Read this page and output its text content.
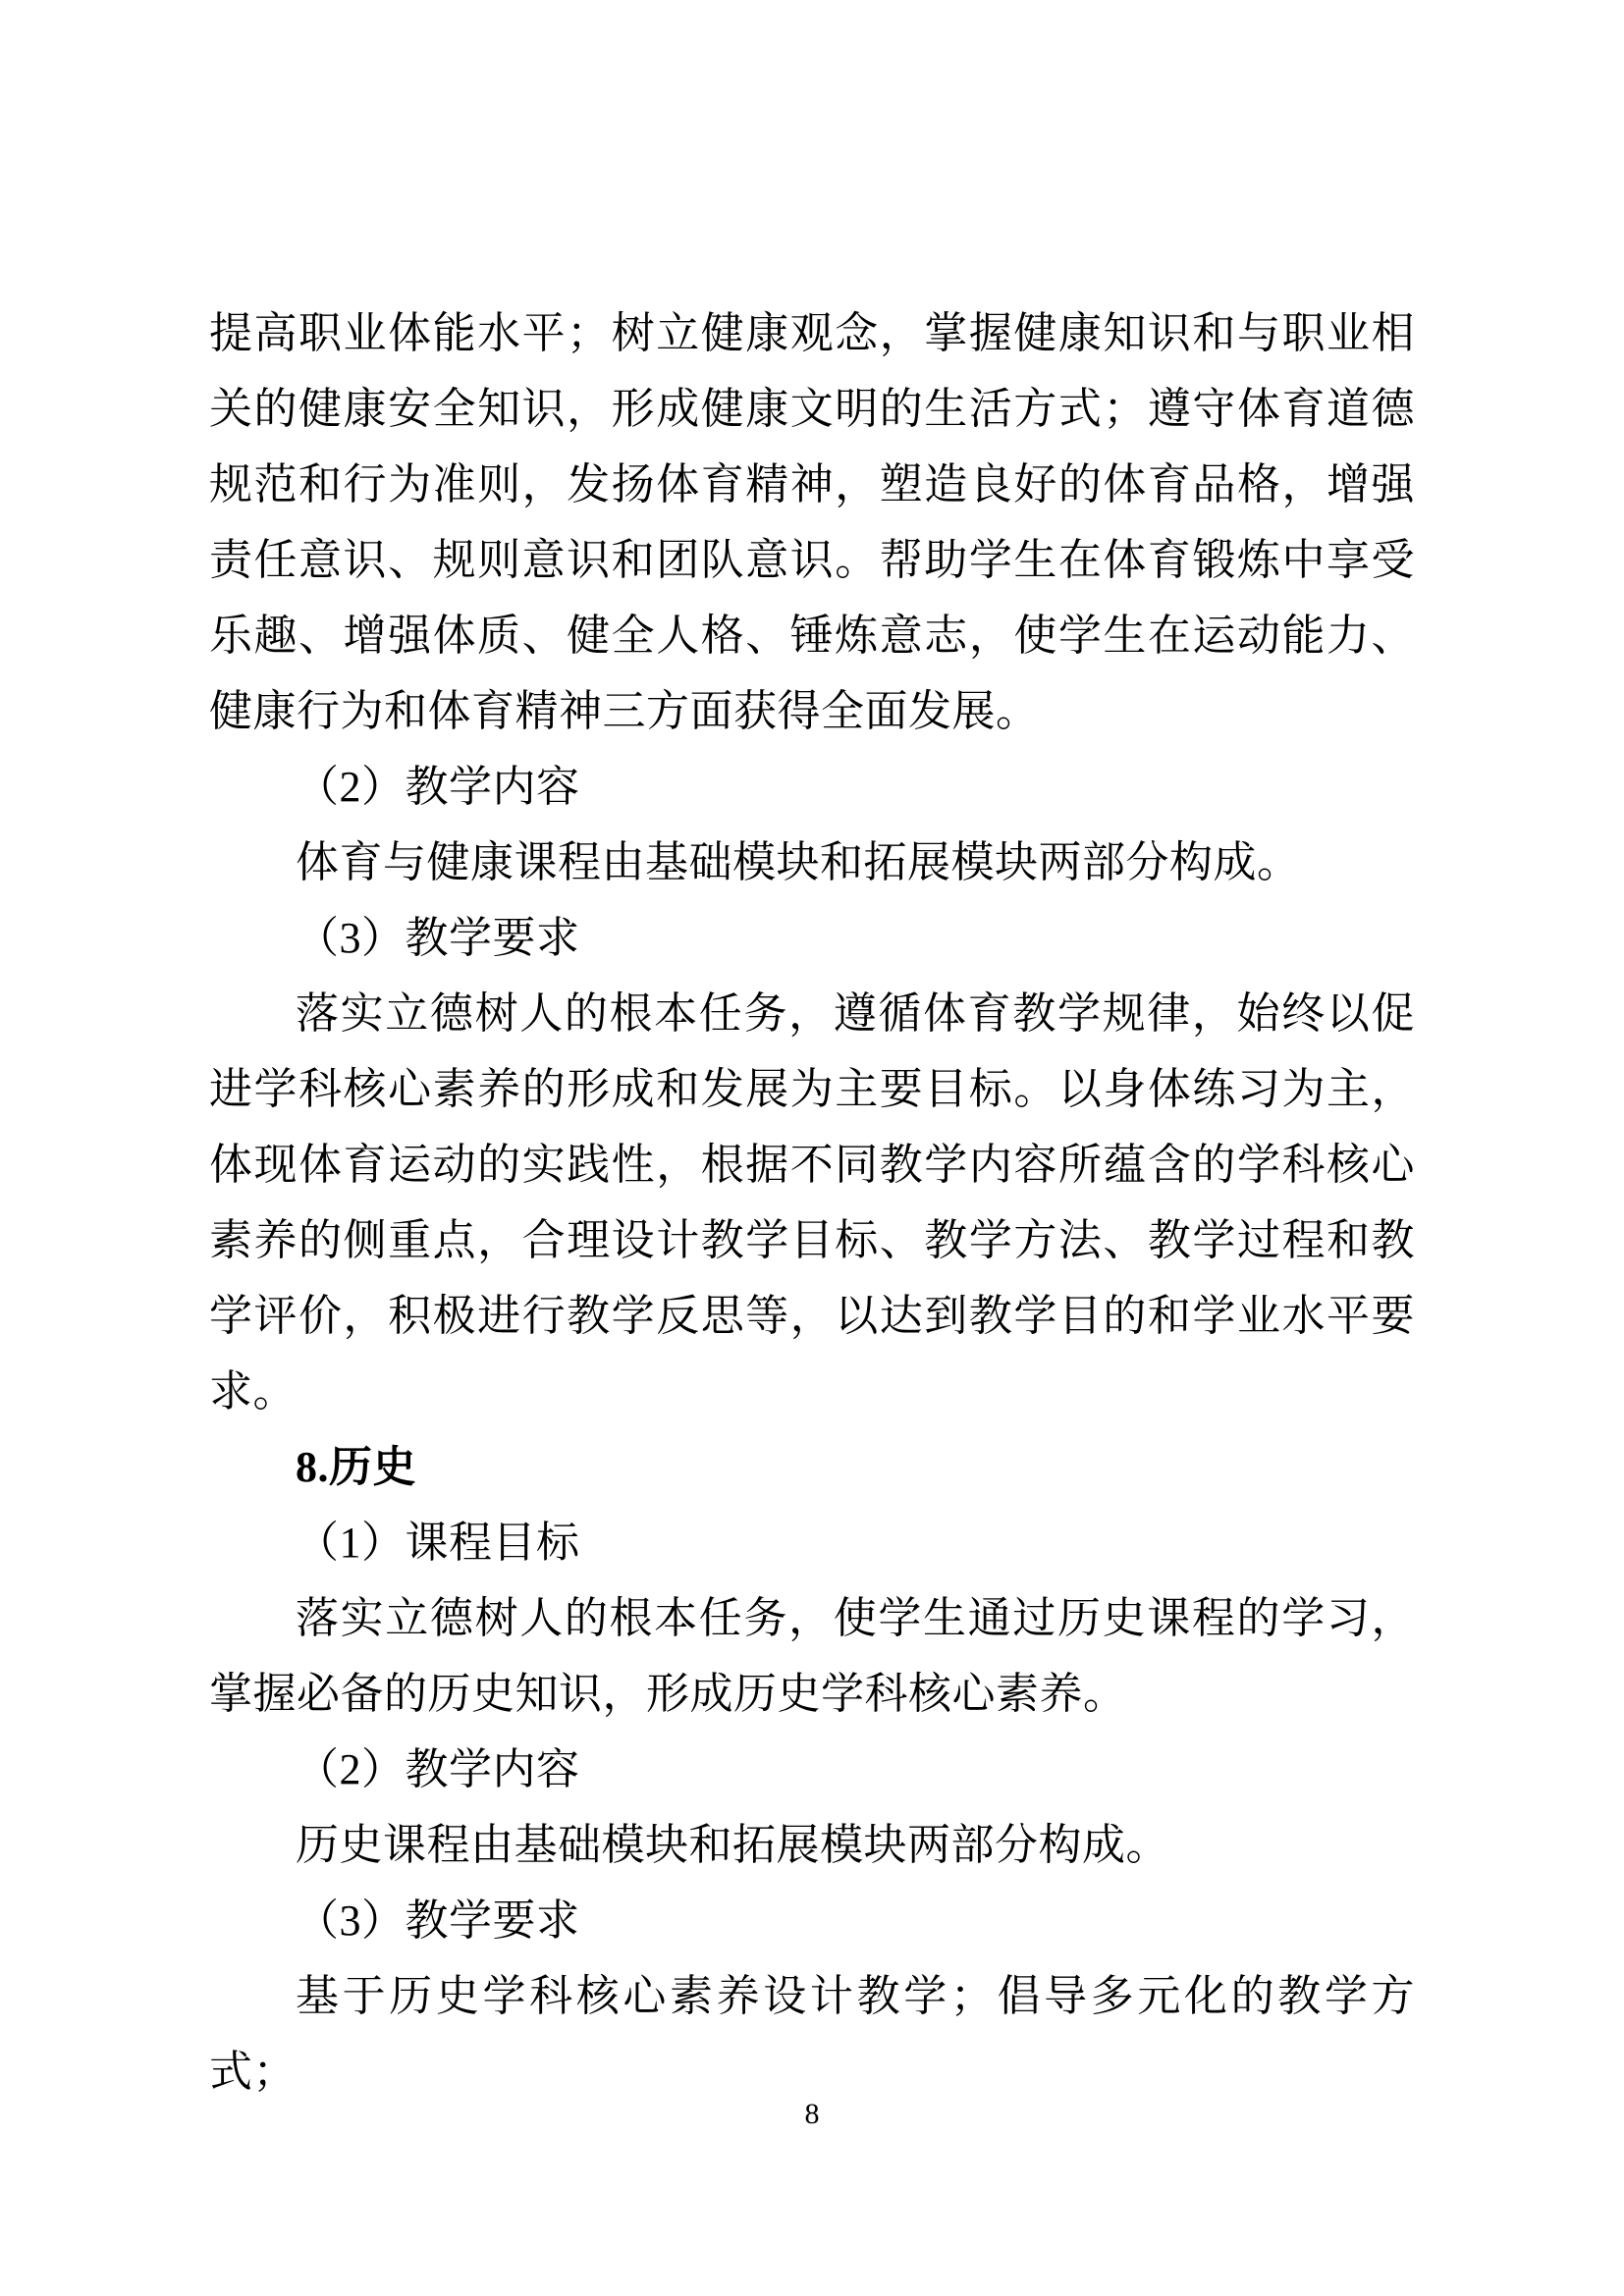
提高职业体能水平；树立健康观念，掌握健康知识和与职业相关的健康安全知识，形成健康文明的生活方式；遵守体育道德规范和行为准则，发扬体育精神，塑造良好的体育品格，增强责任意识、规则意识和团队意识。帮助学生在体育锻炼中享受乐趣、增强体质、健全人格、锤炼意志，使学生在运动能力、健康行为和体育精神三方面获得全面发展。

（2）教学内容

体育与健康课程由基础模块和拓展模块两部分构成。

（3）教学要求

落实立德树人的根本任务，遵循体育教学规律，始终以促进学科核心素养的形成和发展为主要目标。以身体练习为主，体现体育运动的实践性，根据不同教学内容所蕴含的学科核心素养的侧重点，合理设计教学目标、教学方法、教学过程和教学评价，积极进行教学反思等，以达到教学目的和学业水平要求。

8.历史

（1）课程目标

落实立德树人的根本任务，使学生通过历史课程的学习，掌握必备的历史知识，形成历史学科核心素养。

（2）教学内容

历史课程由基础模块和拓展模块两部分构成。

（3）教学要求

基于历史学科核心素养设计教学；倡导多元化的教学方式；

8
